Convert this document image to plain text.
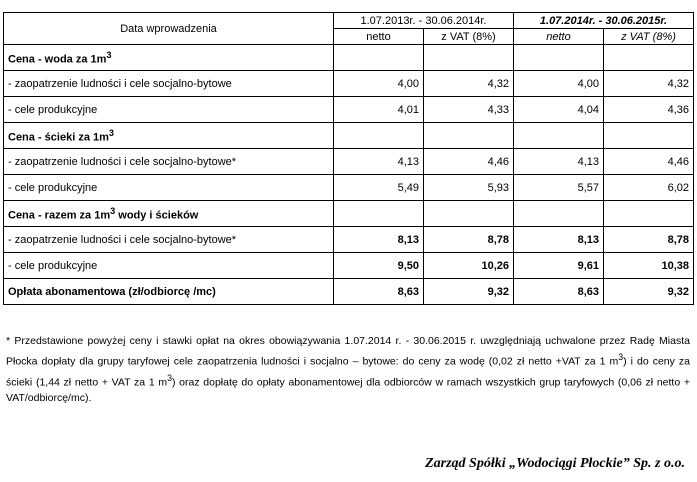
Data wprowadzenia	1.07.2013r. - 30.06.2014r.		1.07.2014r. - 30.06.2015r.	
	netto	z VAT (8%)	netto	z VAT (8%)
Cena - woda za $1m^3$				
- zaopatrzenie ludności i cele socjalno-bytowe	4,00	4,32	4,00	4,32
- cele produkcyjne	4,01	4,33	4,04	4,36
Cena - ścieki za $1m^3$				
- zaopatrzenie ludności i cele socjalno-bytowe*	4,13	4,46	4,13	4,46
- cele produkcyjne	5,49	5,93	5,57	6,02
Cena - razem za $1m^3$ wody i ścieków				
- zaopatrzenie ludności i cele socjalno-bytowe*	8,13	8,78	8,13	8,78
- cele produkcyjne	9,50	10,26	9,61	10,38
Opłata abonamentowa (zł/odbiorcę /mc)	8,63	9,32	8,63	9,32
* Przedstawione powyżej ceny i stawki opłat na okres obowiązywania 1.07.2014 r. - 30.06.2015 r. uwzględniają uchwalone przez Radę Miasta Płocka dopłaty dla grupy taryfowej cele zaopatrzenia ludności i socjalno – bytowe: do ceny za wodę (0,02 zł netto +VAT za 1 $m^3$) i do ceny za ścieki (1,44 zł netto + VAT za 1 $m^3$) oraz dopłatę do opłaty abonamentowej dla odbiorców w ramach wszystkich grup taryfowych (0,06 zł netto + VAT/odbiorcę/mc).
Zarząd Spółki „Wodociągi Płockie” Sp. z o.o.
